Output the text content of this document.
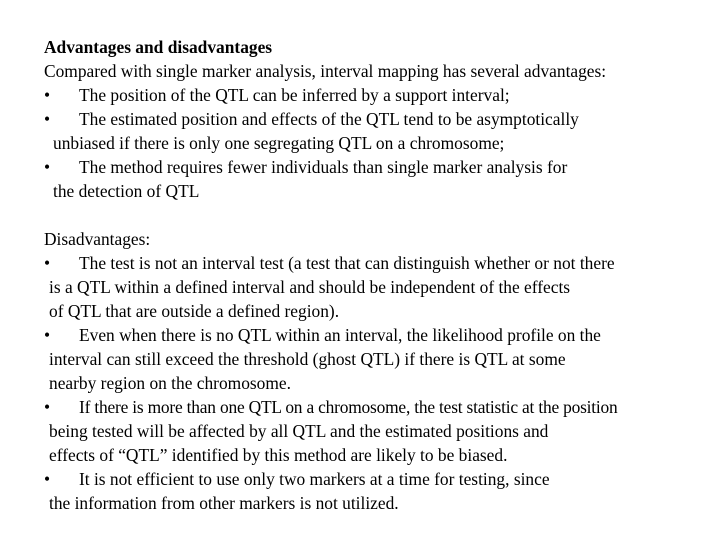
Advantages and disadvantages
Compared with single marker analysis, interval mapping has several advantages:
• The position of the QTL can be inferred by a support interval;
• The estimated position and effects of the QTL tend to be asymptotically
unbiased if there is only one segregating QTL on a chromosome;
• The method requires fewer individuals than single marker analysis for
the detection of QTL
Disadvantages:
• The test is not an interval test (a test that can distinguish whether or not there
is a QTL within a defined interval and should be independent of the effects
of QTL that are outside a defined region).
• Even when there is no QTL within an interval, the likelihood profile on the
interval can still exceed the threshold (ghost QTL) if there is QTL at some
nearby region on the chromosome.
• If there is more than one QTL on a chromosome, the test statistic at the position
being tested will be affected by all QTL and the estimated positions and
effects of “QTL” identified by this method are likely to be biased.
• It is not efficient to use only two markers at a time for testing, since
the information from other markers is not utilized.
